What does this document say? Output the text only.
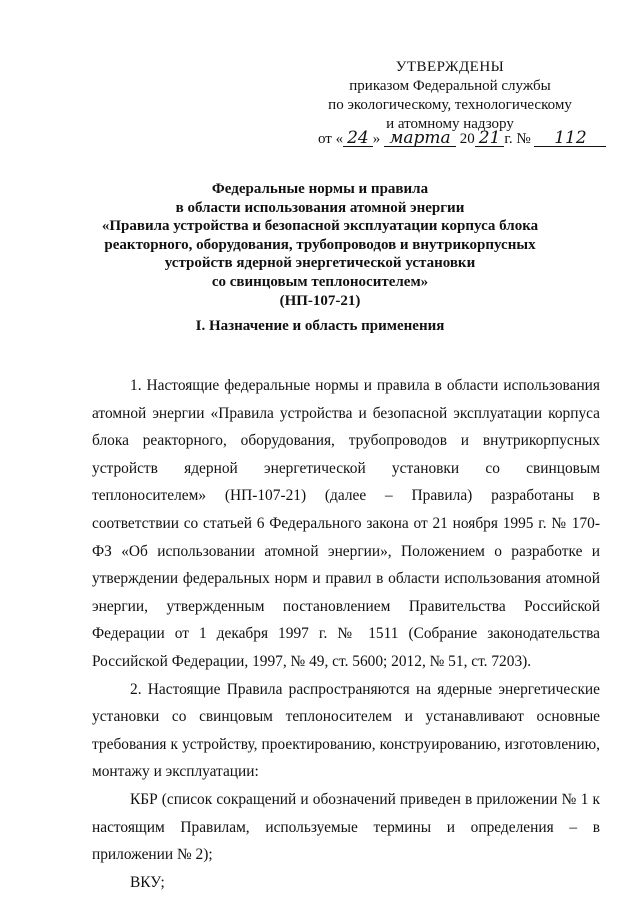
УТВЕРЖДЕНЫ
приказом Федеральной службы
по экологическому, технологическому
и атомному надзору
от « 24 » марта 20 21 г. № 112
Федеральные нормы и правила
в области использования атомной энергии
«Правила устройства и безопасной эксплуатации корпуса блока
реакторного, оборудования, трубопроводов и внутрикорпусных
устройств ядерной энергетической установки
со свинцовым теплоносителем»
(НП-107-21)
I. Назначение и область применения

1. Настоящие федеральные нормы и правила в области использования атомной энергии «Правила устройства и безопасной эксплуатации корпуса блока реакторного, оборудования, трубопроводов и внутрикорпусных устройств ядерной энергетической установки со свинцовым теплоносителем» (НП-107-21) (далее – Правила) разработаны в соответствии со статьей 6 Федерального закона от 21 ноября 1995 г. № 170-ФЗ «Об использовании атомной энергии», Положением о разработке и утверждении федеральных норм и правил в области использования атомной энергии, утвержденным постановлением Правительства Российской Федерации от 1 декабря 1997 г. № 1511 (Собрание законодательства Российской Федерации, 1997, № 49, ст. 5600; 2012, № 51, ст. 7203).

2. Настоящие Правила распространяются на ядерные энергетические установки со свинцовым теплоносителем и устанавливают основные требования к устройству, проектированию, конструированию, изготовлению, монтажу и эксплуатации:

КБР (список сокращений и обозначений приведен в приложении № 1 к настоящим Правилам, используемые термины и определения – в приложении № 2);

ВКУ;
